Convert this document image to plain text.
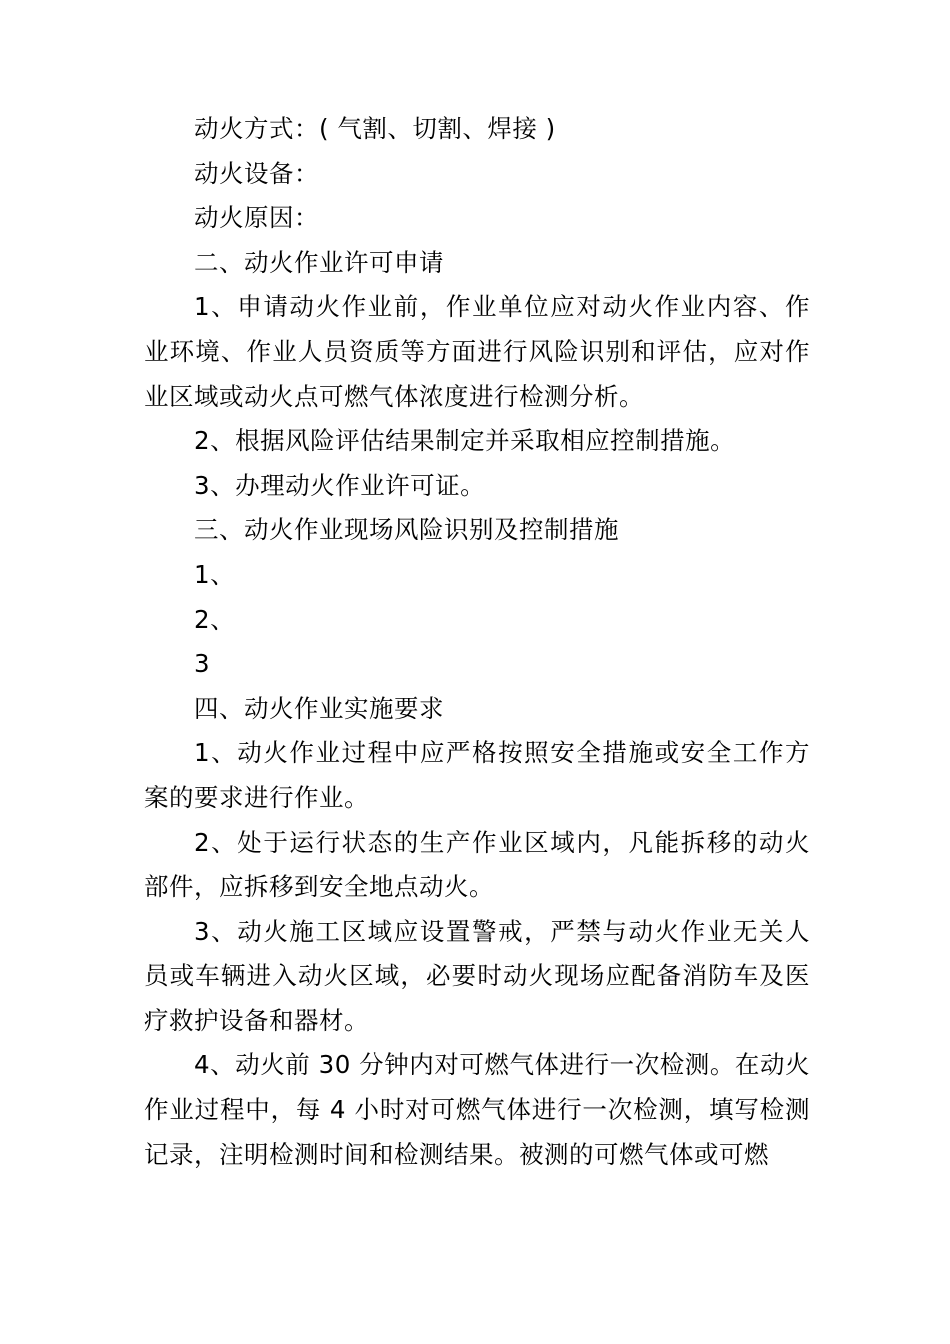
动火方式：( 气割、切割、焊接 )

动火设备：

动火原因：

二、动火作业许可申请

1、申请动火作业前，作业单位应对动火作业内容、作业环境、作业人员资质等方面进行风险识别和评估，应对作业区域或动火点可燃气体浓度进行检测分析。

2、根据风险评估结果制定并采取相应控制措施。

3、办理动火作业许可证。

三、动火作业现场风险识别及控制措施

1、

2、

3

四、动火作业实施要求

1、动火作业过程中应严格按照安全措施或安全工作方案的要求进行作业。

2、处于运行状态的生产作业区域内，凡能拆移的动火部件，应拆移到安全地点动火。

3、动火施工区域应设置警戒，严禁与动火作业无关人员或车辆进入动火区域，必要时动火现场应配备消防车及医疗救护设备和器材。

4、动火前 30 分钟内对可燃气体进行一次检测。在动火作业过程中，每 4 小时对可燃气体进行一次检测，填写检测记录，注明检测时间和检测结果。被测的可燃气体或可燃
